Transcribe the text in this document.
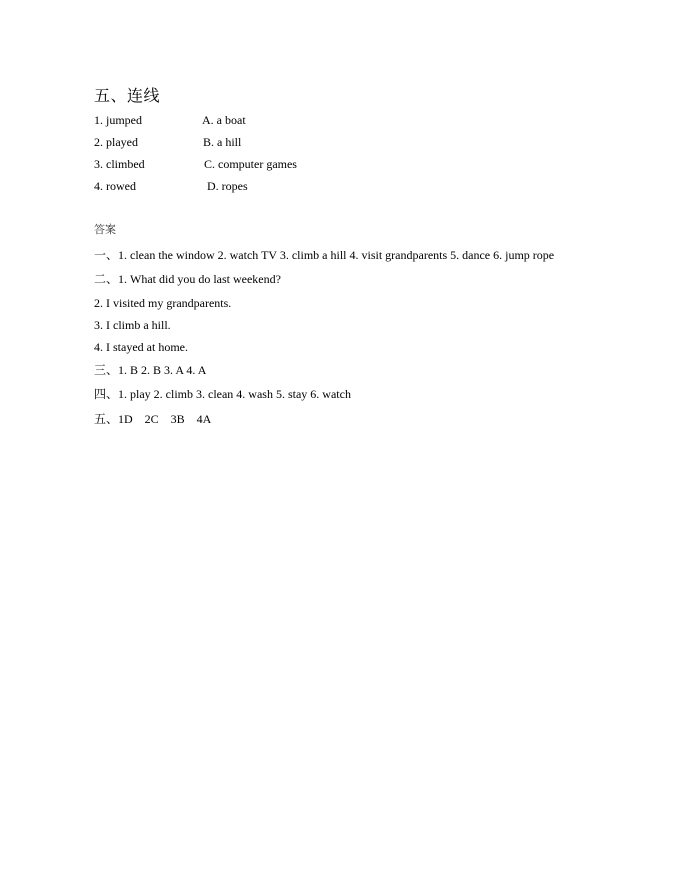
五、连线
1. jumped	A. a boat
2. played	B. a hill
3. climbed	C. computer games
4. rowed	D. ropes
答案
一、1. clean the window 2. watch TV 3. climb a hill 4. visit grandparents 5. dance 6. jump rope
二、1. What did you do last weekend?
2. I visited my grandparents.
3. I climb a hill.
4. I stayed at home.
三、1. B 2. B 3. A 4. A
四、1. play 2. climb 3. clean 4. wash 5. stay 6. watch
五、1D    2C    3B    4A
